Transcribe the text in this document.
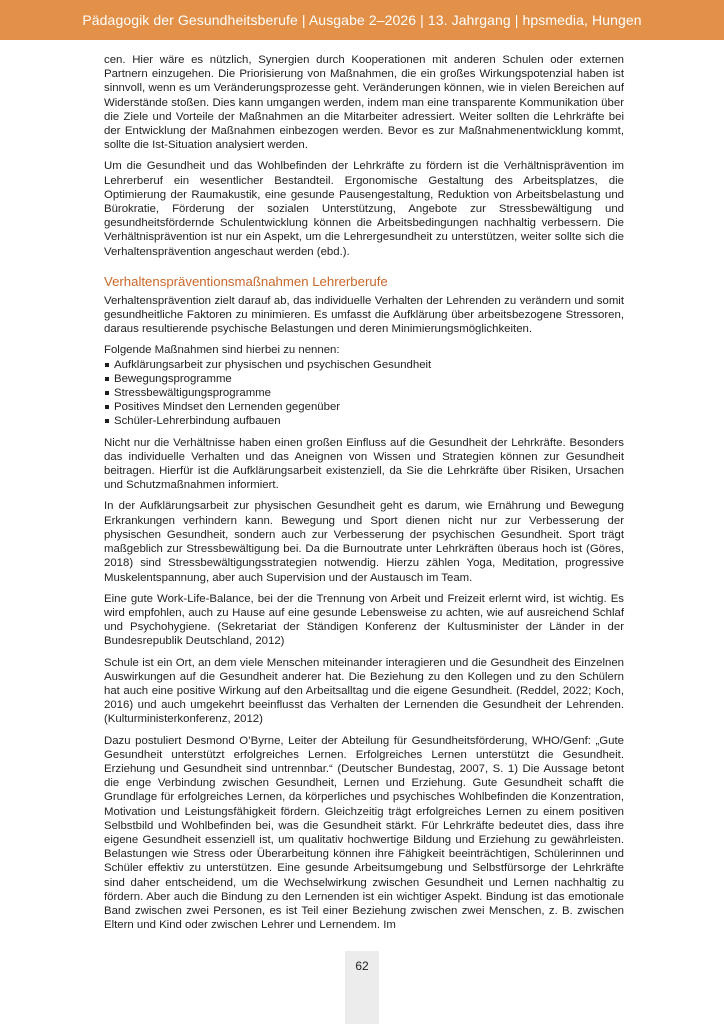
Pädagogik der Gesundheitsberufe | Ausgabe 2–2026 | 13. Jahrgang | hpsmedia, Hungen

cen. Hier wäre es nützlich, Synergien durch Kooperationen mit anderen Schulen oder externen Partnern einzugehen. Die Priorisierung von Maßnahmen, die ein großes Wirkungspotenzial haben ist sinnvoll, wenn es um Veränderungsprozesse geht. Veränderungen können, wie in vielen Bereichen auf Widerstände stoßen. Dies kann umgangen werden, indem man eine transparente Kommunikation über die Ziele und Vorteile der Maßnahmen an die Mitarbeiter adressiert. Weiter sollten die Lehrkräfte bei der Entwicklung der Maßnahmen einbezogen werden. Bevor es zur Maßnahmenentwicklung kommt, sollte die Ist-Situation analysiert werden.

Um die Gesundheit und das Wohlbefinden der Lehrkräfte zu fördern ist die Verhältnisprävention im Lehrerberuf ein wesentlicher Bestandteil. Ergonomische Gestaltung des Arbeitsplatzes, die Optimierung der Raumakustik, eine gesunde Pausengestaltung, Reduktion von Arbeitsbelastung und Bürokratie, Förderung der sozialen Unterstützung, Angebote zur Stressbewältigung und gesundheitsfördernde Schulentwicklung können die Arbeitsbedingungen nachhaltig verbessern. Die Verhältnisprävention ist nur ein Aspekt, um die Lehrergesundheit zu unterstützen, weiter sollte sich die Verhaltensprävention angeschaut werden (ebd.).

Verhaltenspräventionsmaßnahmen Lehrerberufe

Verhaltensprävention zielt darauf ab, das individuelle Verhalten der Lehrenden zu verändern und somit gesundheitliche Faktoren zu minimieren. Es umfasst die Aufklärung über arbeitsbezogene Stressoren, daraus resultierende psychische Belastungen und deren Minimierungsmöglichkeiten.

Folgende Maßnahmen sind hierbei zu nennen:

Aufklärungsarbeit zur physischen und psychischen Gesundheit
Bewegungsprogramme
Stressbewältigungsprogramme
Positives Mindset den Lernenden gegenüber
Schüler-Lehrerbindung aufbauen

Nicht nur die Verhältnisse haben einen großen Einfluss auf die Gesundheit der Lehrkräfte. Besonders das individuelle Verhalten und das Aneignen von Wissen und Strategien können zur Gesundheit beitragen. Hierfür ist die Aufklärungsarbeit existenziell, da Sie die Lehrkräfte über Risiken, Ursachen und Schutzmaßnahmen informiert.

In der Aufklärungsarbeit zur physischen Gesundheit geht es darum, wie Ernährung und Bewegung Erkrankungen verhindern kann. Bewegung und Sport dienen nicht nur zur Verbesserung der physischen Gesundheit, sondern auch zur Verbesserung der psychischen Gesundheit. Sport trägt maßgeblich zur Stressbewältigung bei. Da die Burnoutrate unter Lehrkräften überaus hoch ist (Göres, 2018) sind Stressbewältigungsstrategien notwendig. Hierzu zählen Yoga, Meditation, progressive Muskelentspannung, aber auch Supervision und der Austausch im Team.

Eine gute Work-Life-Balance, bei der die Trennung von Arbeit und Freizeit erlernt wird, ist wichtig. Es wird empfohlen, auch zu Hause auf eine gesunde Lebensweise zu achten, wie auf ausreichend Schlaf und Psychohygiene. (Sekretariat der Ständigen Konferenz der Kultusminister der Länder in der Bundesrepublik Deutschland, 2012)

Schule ist ein Ort, an dem viele Menschen miteinander interagieren und die Gesundheit des Einzelnen Auswirkungen auf die Gesundheit anderer hat. Die Beziehung zu den Kollegen und zu den Schülern hat auch eine positive Wirkung auf den Arbeitsalltag und die eigene Gesundheit. (Reddel, 2022; Koch, 2016) und auch umgekehrt beeinflusst das Verhalten der Lernenden die Gesundheit der Lehrenden. (Kulturministerkonferenz, 2012)

Dazu postuliert Desmond O’Byrne, Leiter der Abteilung für Gesundheitsförderung, WHO/Genf: „Gute Gesundheit unterstützt erfolgreiches Lernen. Erfolgreiches Lernen unterstützt die Gesundheit. Erziehung und Gesundheit sind untrennbar.“ (Deutscher Bundestag, 2007, S. 1) Die Aussage betont die enge Verbindung zwischen Gesundheit, Lernen und Erziehung. Gute Gesundheit schafft die Grundlage für erfolgreiches Lernen, da körperliches und psychisches Wohlbefinden die Konzentration, Motivation und Leistungsfähigkeit fördern. Gleichzeitig trägt erfolgreiches Lernen zu einem positiven Selbstbild und Wohlbefinden bei, was die Gesundheit stärkt. Für Lehrkräfte bedeutet dies, dass ihre eigene Gesundheit essenziell ist, um qualitativ hochwertige Bildung und Erziehung zu gewährleisten. Belastungen wie Stress oder Überarbeitung können ihre Fähigkeit beeinträchtigen, Schülerinnen und Schüler effektiv zu unterstützen. Eine gesunde Arbeitsumgebung und Selbstfürsorge der Lehrkräfte sind daher entscheidend, um die Wechselwirkung zwischen Gesundheit und Lernen nachhaltig zu fördern. Aber auch die Bindung zu den Lernenden ist ein wichtiger Aspekt. Bindung ist das emotionale Band zwischen zwei Personen, es ist Teil einer Beziehung zwischen zwei Menschen, z. B. zwischen Eltern und Kind oder zwischen Lehrer und Lernendem. Im

62
